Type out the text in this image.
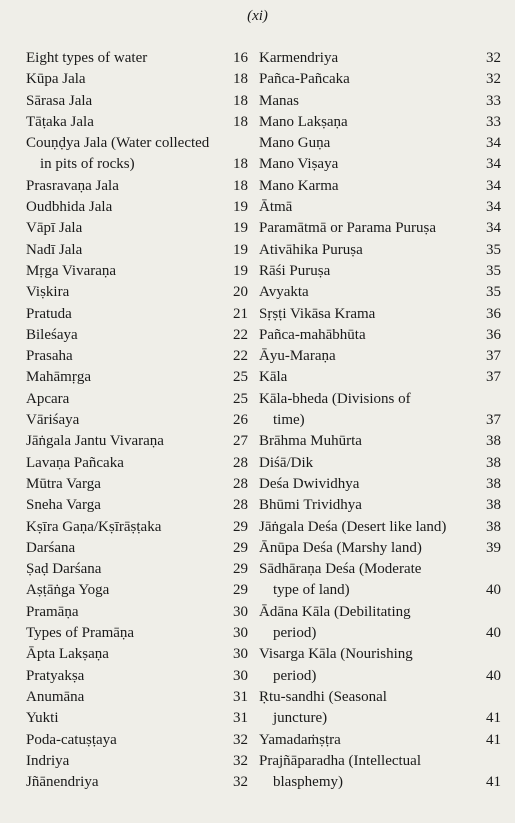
(xi)
Eight types of water	16
Kūpa Jala	18
Sārasa Jala	18
Tāṭaka Jala	18
Couṇḍya Jala (Water collected
in pits of rocks)	18
Prasravaṇa Jala	18
Oudbhida Jala	19
Vāpī Jala	19
Nadī Jala	19
Mṛga Vivaraṇa	19
Viṣkira	20
Pratuda	21
Bileśaya	22
Prasaha	22
Mahāmṛga	25
Apcara	25
Vāriśaya	26
Jāṅgala Jantu Vivaraṇa	27
Lavaṇa Pañcaka	28
Mūtra Varga	28
Sneha Varga	28
Kṣīra Gaṇa/Kṣīrāṣṭaka	29
Darśana	29
Ṣaḍ Darśana	29
Aṣṭāṅga Yoga	29
Pramāṇa	30
Types of Pramāṇa	30
Āpta Lakṣaṇa	30
Pratyakṣa	30
Anumāna	31
Yukti	31
Poda-catuṣṭaya	32
Indriya	32
Jñānendriya	32
Karmendriya	32
Pañca-Pañcaka	32
Manas	33
Mano Lakṣaṇa	33
Mano Guṇa	34
Mano Viṣaya	34
Mano Karma	34
Ātmā	34
Paramātmā or Parama Puruṣa	34
Ativāhika Puruṣa	35
Rāśi Puruṣa	35
Avyakta	35
Sṛṣṭi Vikāsa Krama	36
Pañca-mahābhūta	36
Āyu-Maraṇa	37
Kāla	37
Kāla-bheda (Divisions of
time)	37
Brāhma Muhūrta	38
Diśā/Dik	38
Deśa Dwividhya	38
Bhūmi Trividhya	38
Jāṅgala Deśa (Desert like land)	38
Ānūpa Deśa (Marshy land)	39
Sādhāraṇa Deśa (Moderate
type of land)	40
Ādāna Kāla (Debilitating
period)	40
Visarga Kāla (Nourishing
period)	40
Ṛtu-sandhi (Seasonal
juncture)	41
Yamadaṁṣṭra	41
Prajñāparadha (Intellectual
blasphemy)	41
